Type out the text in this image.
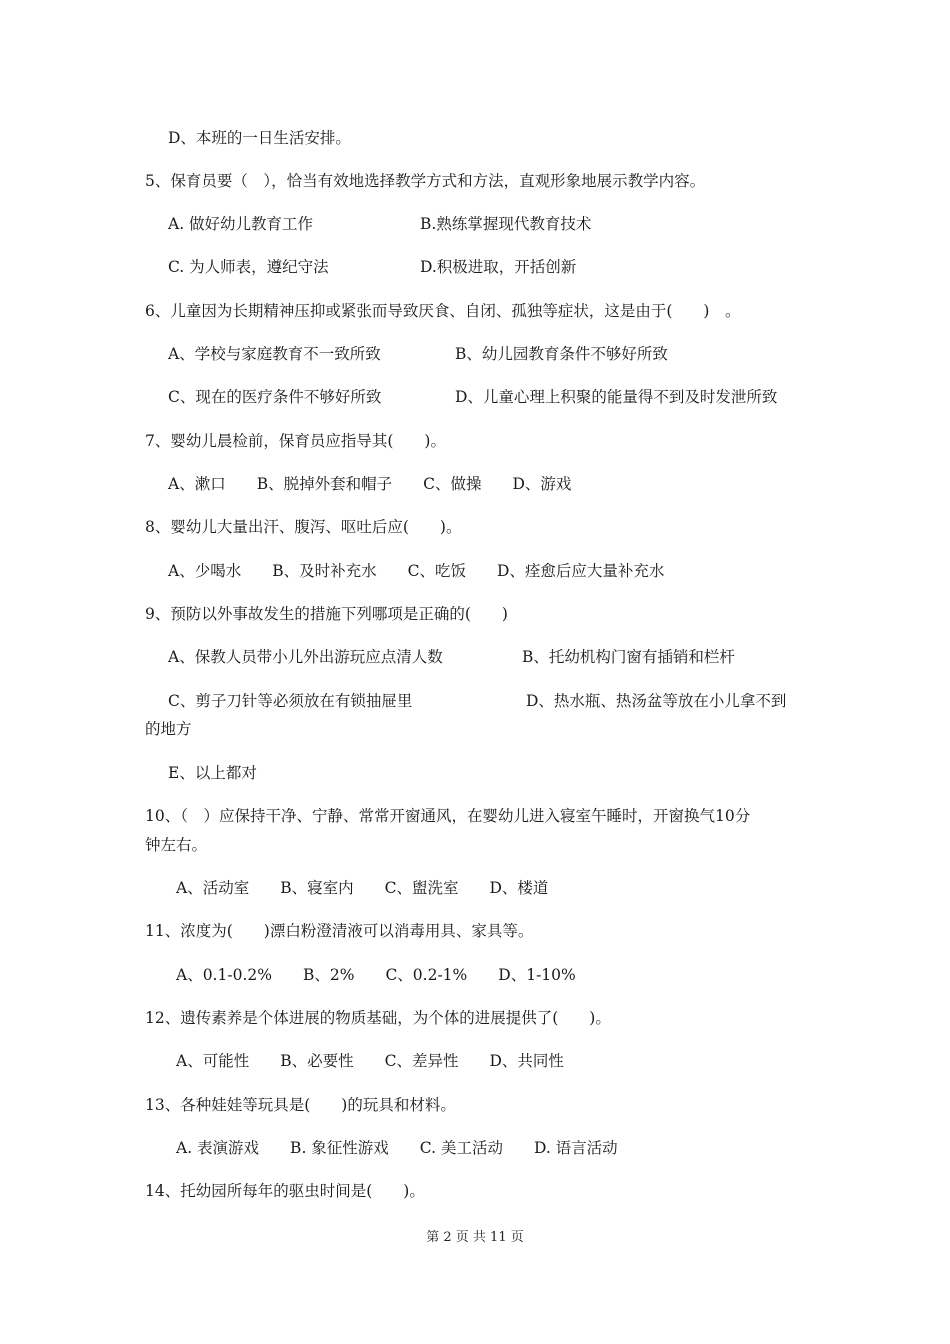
D、本班的一日生活安排。
5、保育员要（　），恰当有效地选择教学方式和方法，直观形象地展示教学内容。
A. 做好幼儿教育工作	B.熟练掌握现代教育技术
C. 为人师表，遵纪守法	D.积极进取，开括创新
6、儿童因为长期精神压抑或紧张而导致厌食、自闭、孤独等症状，这是由于(　　)　。
A、学校与家庭教育不一致所致	B、幼儿园教育条件不够好所致
C、现在的医疗条件不够好所致	D、儿童心理上积聚的能量得不到及时发泄所致
7、婴幼儿晨检前，保育员应指导其(　　)。
A、漱口　　B、脱掉外套和帽子　　C、做操　　D、游戏
8、婴幼儿大量出汗、腹泻、呕吐后应(　　)。
A、少喝水　　B、及时补充水　　C、吃饭　　D、痊愈后应大量补充水
9、预防以外事故发生的措施下列哪项是正确的(　　)
A、保教人员带小儿外出游玩应点清人数	B、托幼机构门窗有插销和栏杆
C、剪子刀针等必须放在有锁抽屉里	D、热水瓶、热汤盆等放在小儿拿不到
的地方
E、以上都对
10、（　）应保持干净、宁静、常常开窗通风，在婴幼儿进入寝室午睡时，开窗换气10分
钟左右。
A、活动室　　B、寝室内　　C、盥洗室　　D、楼道
11、浓度为(　　)漂白粉澄清液可以消毒用具、家具等。
A、0.1-0.2%　　B、2%　　C、0.2-1%　　D、1-10%
12、遗传素养是个体进展的物质基础，为个体的进展提供了(　　)。
A、可能性　　B、必要性　　C、差异性　　D、共同性
13、各种娃娃等玩具是(　　)的玩具和材料。
A. 表演游戏　　B. 象征性游戏　　C. 美工活动　　D. 语言活动
14、托幼园所每年的驱虫时间是(　　)。
第 2 页 共 11 页
